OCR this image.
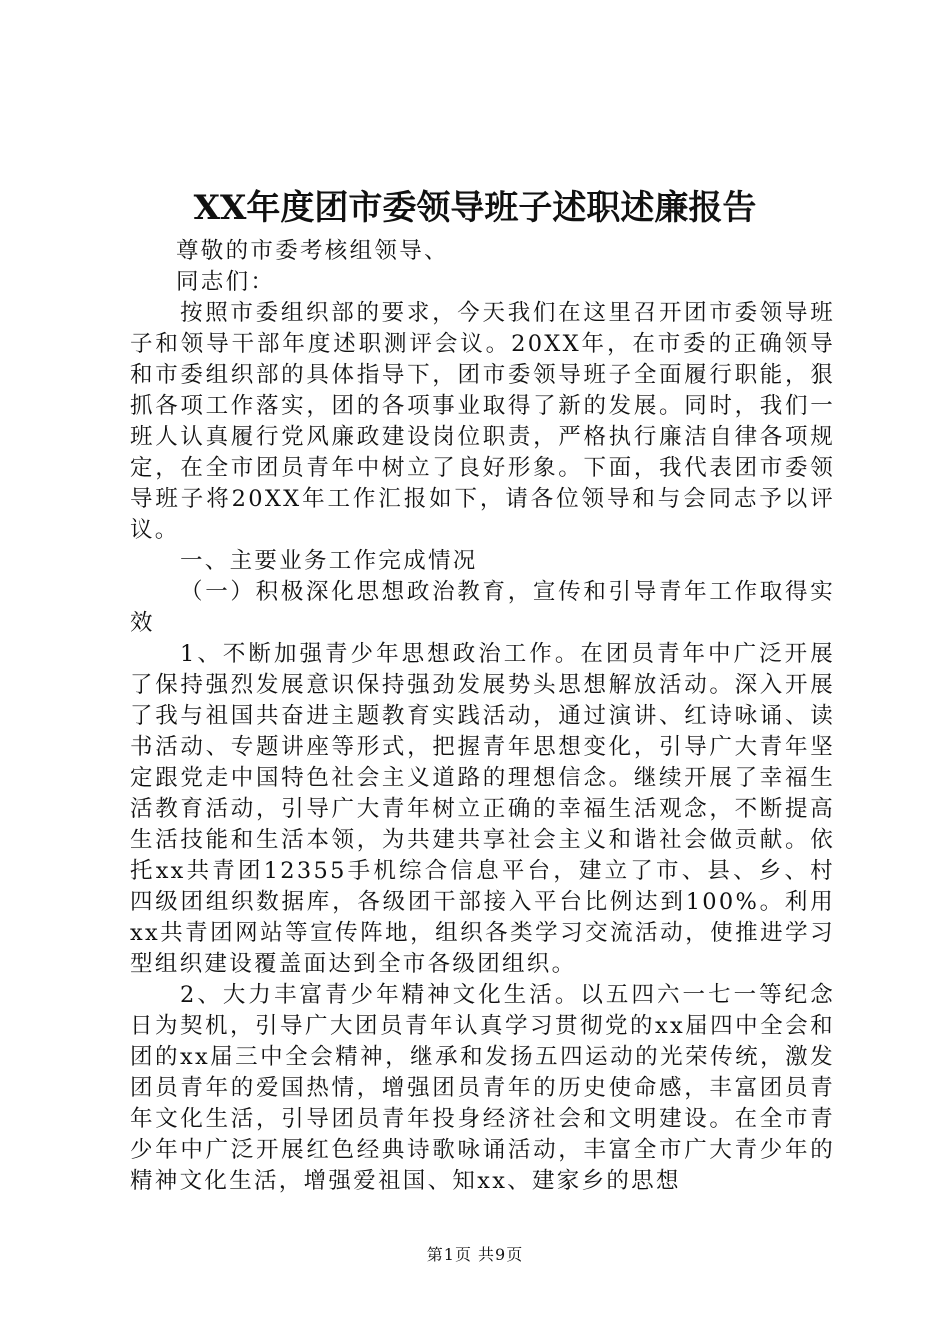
XX年度团市委领导班子述职述廉报告

尊敬的市委考核组领导、

同志们：

按照市委组织部的要求，今天我们在这里召开团市委领导班子和领导干部年度述职测评会议。20XX年，在市委的正确领导和市委组织部的具体指导下，团市委领导班子全面履行职能，狠抓各项工作落实，团的各项事业取得了新的发展。同时，我们一班人认真履行党风廉政建设岗位职责，严格执行廉洁自律各项规定，在全市团员青年中树立了良好形象。下面，我代表团市委领导班子将20XX年工作汇报如下，请各位领导和与会同志予以评议。

一、主要业务工作完成情况

（一）积极深化思想政治教育，宣传和引导青年工作取得实效

1、不断加强青少年思想政治工作。在团员青年中广泛开展了保持强烈发展意识保持强劲发展势头思想解放活动。深入开展了我与祖国共奋进主题教育实践活动，通过演讲、红诗咏诵、读书活动、专题讲座等形式，把握青年思想变化，引导广大青年坚定跟党走中国特色社会主义道路的理想信念。继续开展了幸福生活教育活动，引导广大青年树立正确的幸福生活观念，不断提高生活技能和生活本领，为共建共享社会主义和谐社会做贡献。依托xx共青团12355手机综合信息平台，建立了市、县、乡、村四级团组织数据库，各级团干部接入平台比例达到100%。利用xx共青团网站等宣传阵地，组织各类学习交流活动，使推进学习型组织建设覆盖面达到全市各级团组织。

2、大力丰富青少年精神文化生活。以五四六一七一等纪念日为契机，引导广大团员青年认真学习贯彻党的xx届四中全会和团的xx届三中全会精神，继承和发扬五四运动的光荣传统，激发团员青年的爱国热情，增强团员青年的历史使命感，丰富团员青年文化生活，引导团员青年投身经济社会和文明建设。在全市青少年中广泛开展红色经典诗歌咏诵活动，丰富全市广大青少年的精神文化生活，增强爱祖国、知xx、建家乡的思想

第1页 共9页
